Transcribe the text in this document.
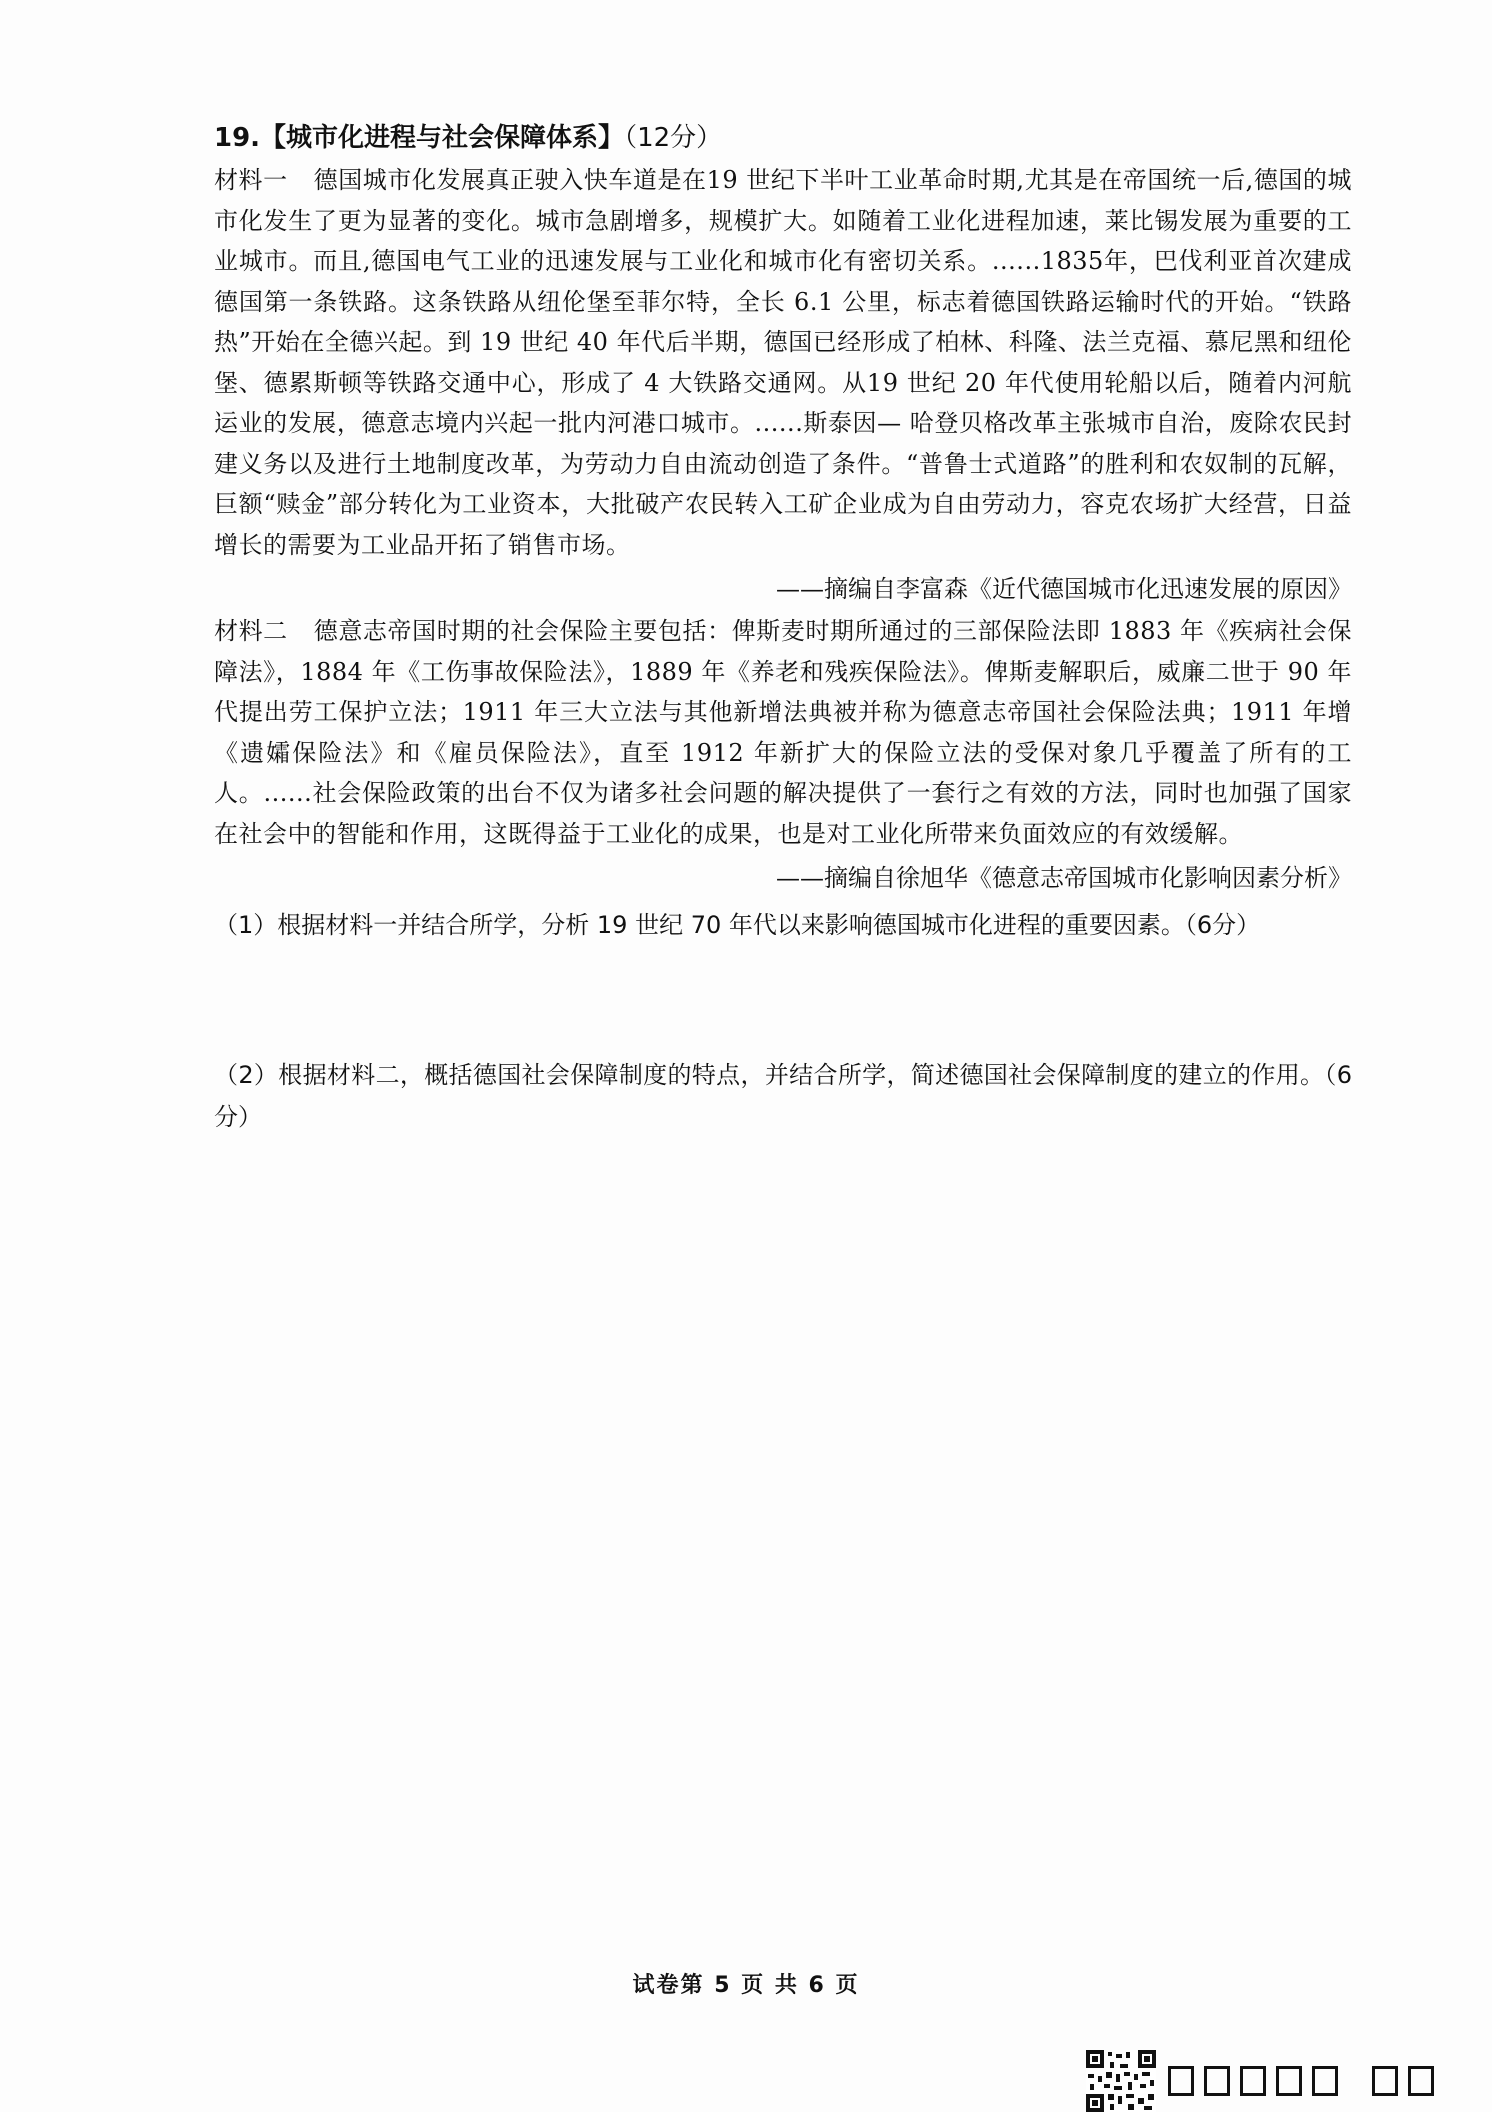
19.【城市化进程与社会保障体系】（12分）

材料一 德国城市化发展真正驶入快车道是在19 世纪下半叶工业革命时期,尤其是在帝国统一后,德国的城市化发生了更为显著的变化。城市急剧增多，规模扩大。如随着工业化进程加速，莱比锡发展为重要的工业城市。而且,德国电气工业的迅速发展与工业化和城市化有密切关系。......1835年，巴伐利亚首次建成德国第一条铁路。这条铁路从纽伦堡至菲尔特，全长 6.1 公里，标志着德国铁路运输时代的开始。“铁路热”开始在全德兴起。到 19 世纪 40 年代后半期，德国已经形成了柏林、科隆、法兰克福、慕尼黑和纽伦堡、德累斯顿等铁路交通中心，形成了 4 大铁路交通网。从19 世纪 20 年代使用轮船以后，随着内河航运业的发展，德意志境内兴起一批内河港口城市。......斯泰因— 哈登贝格改革主张城市自治，废除农民封建义务以及进行土地制度改革，为劳动力自由流动创造了条件。“普鲁士式道路”的胜利和农奴制的瓦解，巨额“赎金”部分转化为工业资本，大批破产农民转入工矿企业成为自由劳动力，容克农场扩大经营，日益增长的需要为工业品开拓了销售市场。

——摘编自李富森《近代德国城市化迅速发展的原因》

材料二 德意志帝国时期的社会保险主要包括：俾斯麦时期所通过的三部保险法即 1883 年《疾病社会保障法》，1884 年《工伤事故保险法》，1889 年《养老和残疾保险法》。俾斯麦解职后，威廉二世于 90 年代提出劳工保护立法；1911 年三大立法与其他新增法典被并称为德意志帝国社会保险法典；1911 年增《遗孀保险法》和《雇员保险法》，直至 1912 年新扩大的保险立法的受保对象几乎覆盖了所有的工人。......社会保险政策的出台不仅为诸多社会问题的解决提供了一套行之有效的方法，同时也加强了国家在社会中的智能和作用，这既得益于工业化的成果，也是对工业化所带来负面效应的有效缓解。

——摘编自徐旭华《德意志帝国城市化影响因素分析》

（1）根据材料一并结合所学，分析 19 世纪 70 年代以来影响德国城市化进程的重要因素。（6分）

（2）根据材料二，概括德国社会保障制度的特点，并结合所学，简述德国社会保障制度的建立的作用。（6 分）

试卷第 5 页 共 6 页
